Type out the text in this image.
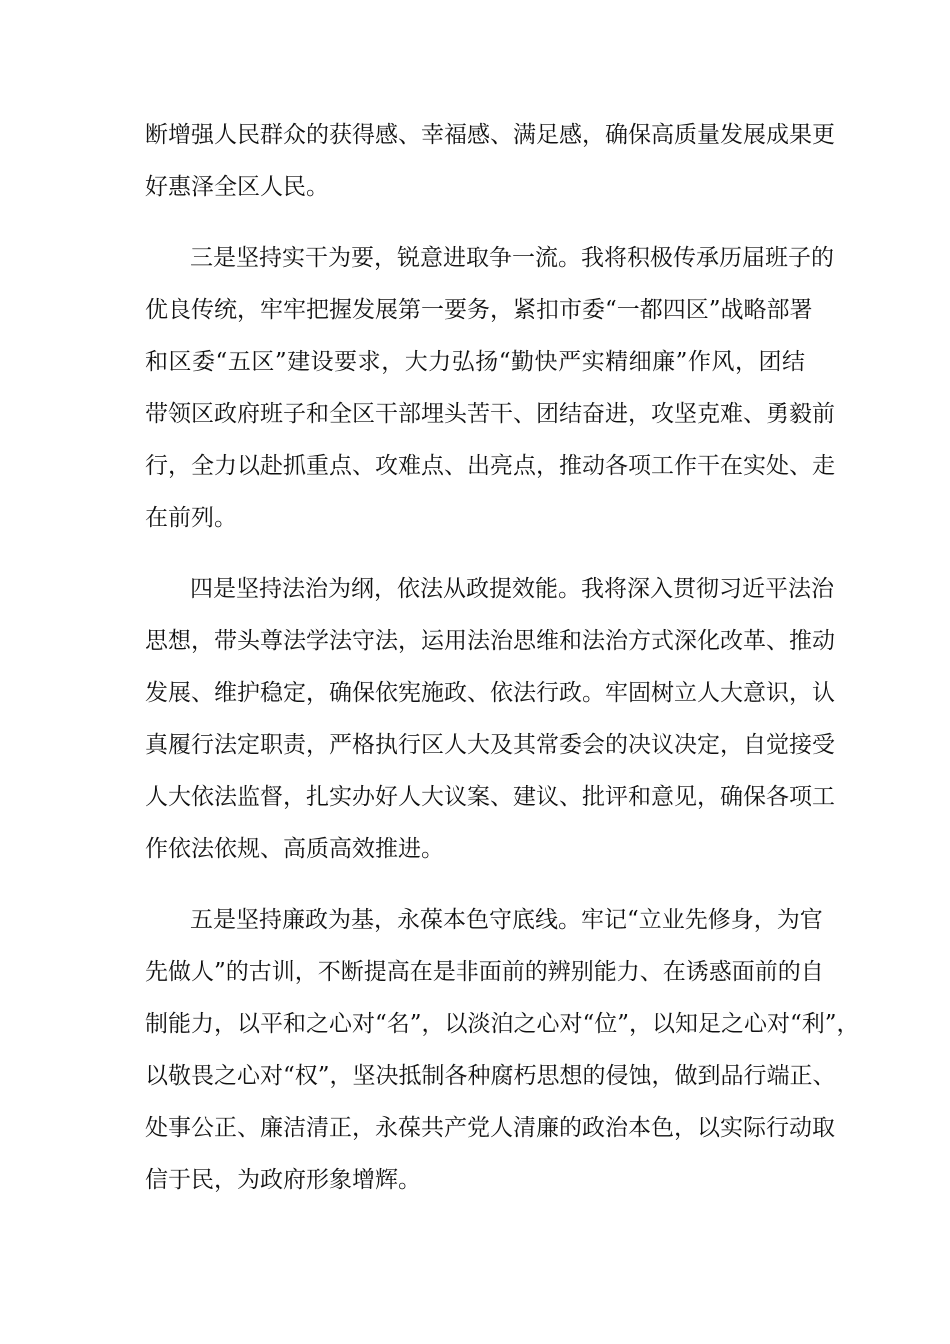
断增强人民群众的获得感、幸福感、满足感，确保高质量发展成果更
好惠泽全区人民。
三是坚持实干为要，锐意进取争一流。我将积极传承历届班子的
优良传统，牢牢把握发展第一要务，紧扣市委“一都四区”战略部署
和区委“五区”建设要求，大力弘扬“勤快严实精细廉”作风，团结
带领区政府班子和全区干部埋头苦干、团结奋进，攻坚克难、勇毅前
行，全力以赴抓重点、攻难点、出亮点，推动各项工作干在实处、走
在前列。
四是坚持法治为纲，依法从政提效能。我将深入贯彻习近平法治
思想，带头尊法学法守法，运用法治思维和法治方式深化改革、推动
发展、维护稳定，确保依宪施政、依法行政。牢固树立人大意识，认
真履行法定职责，严格执行区人大及其常委会的决议决定，自觉接受
人大依法监督，扎实办好人大议案、建议、批评和意见，确保各项工
作依法依规、高质高效推进。
五是坚持廉政为基，永葆本色守底线。牢记“立业先修身，为官
先做人”的古训，不断提高在是非面前的辨别能力、在诱惑面前的自
制能力，以平和之心对“名”，以淡泊之心对“位”，以知足之心对“利”，
以敬畏之心对“权”，坚决抵制各种腐朽思想的侵蚀，做到品行端正、
处事公正、廉洁清正，永葆共产党人清廉的政治本色，以实际行动取
信于民，为政府形象增辉。
